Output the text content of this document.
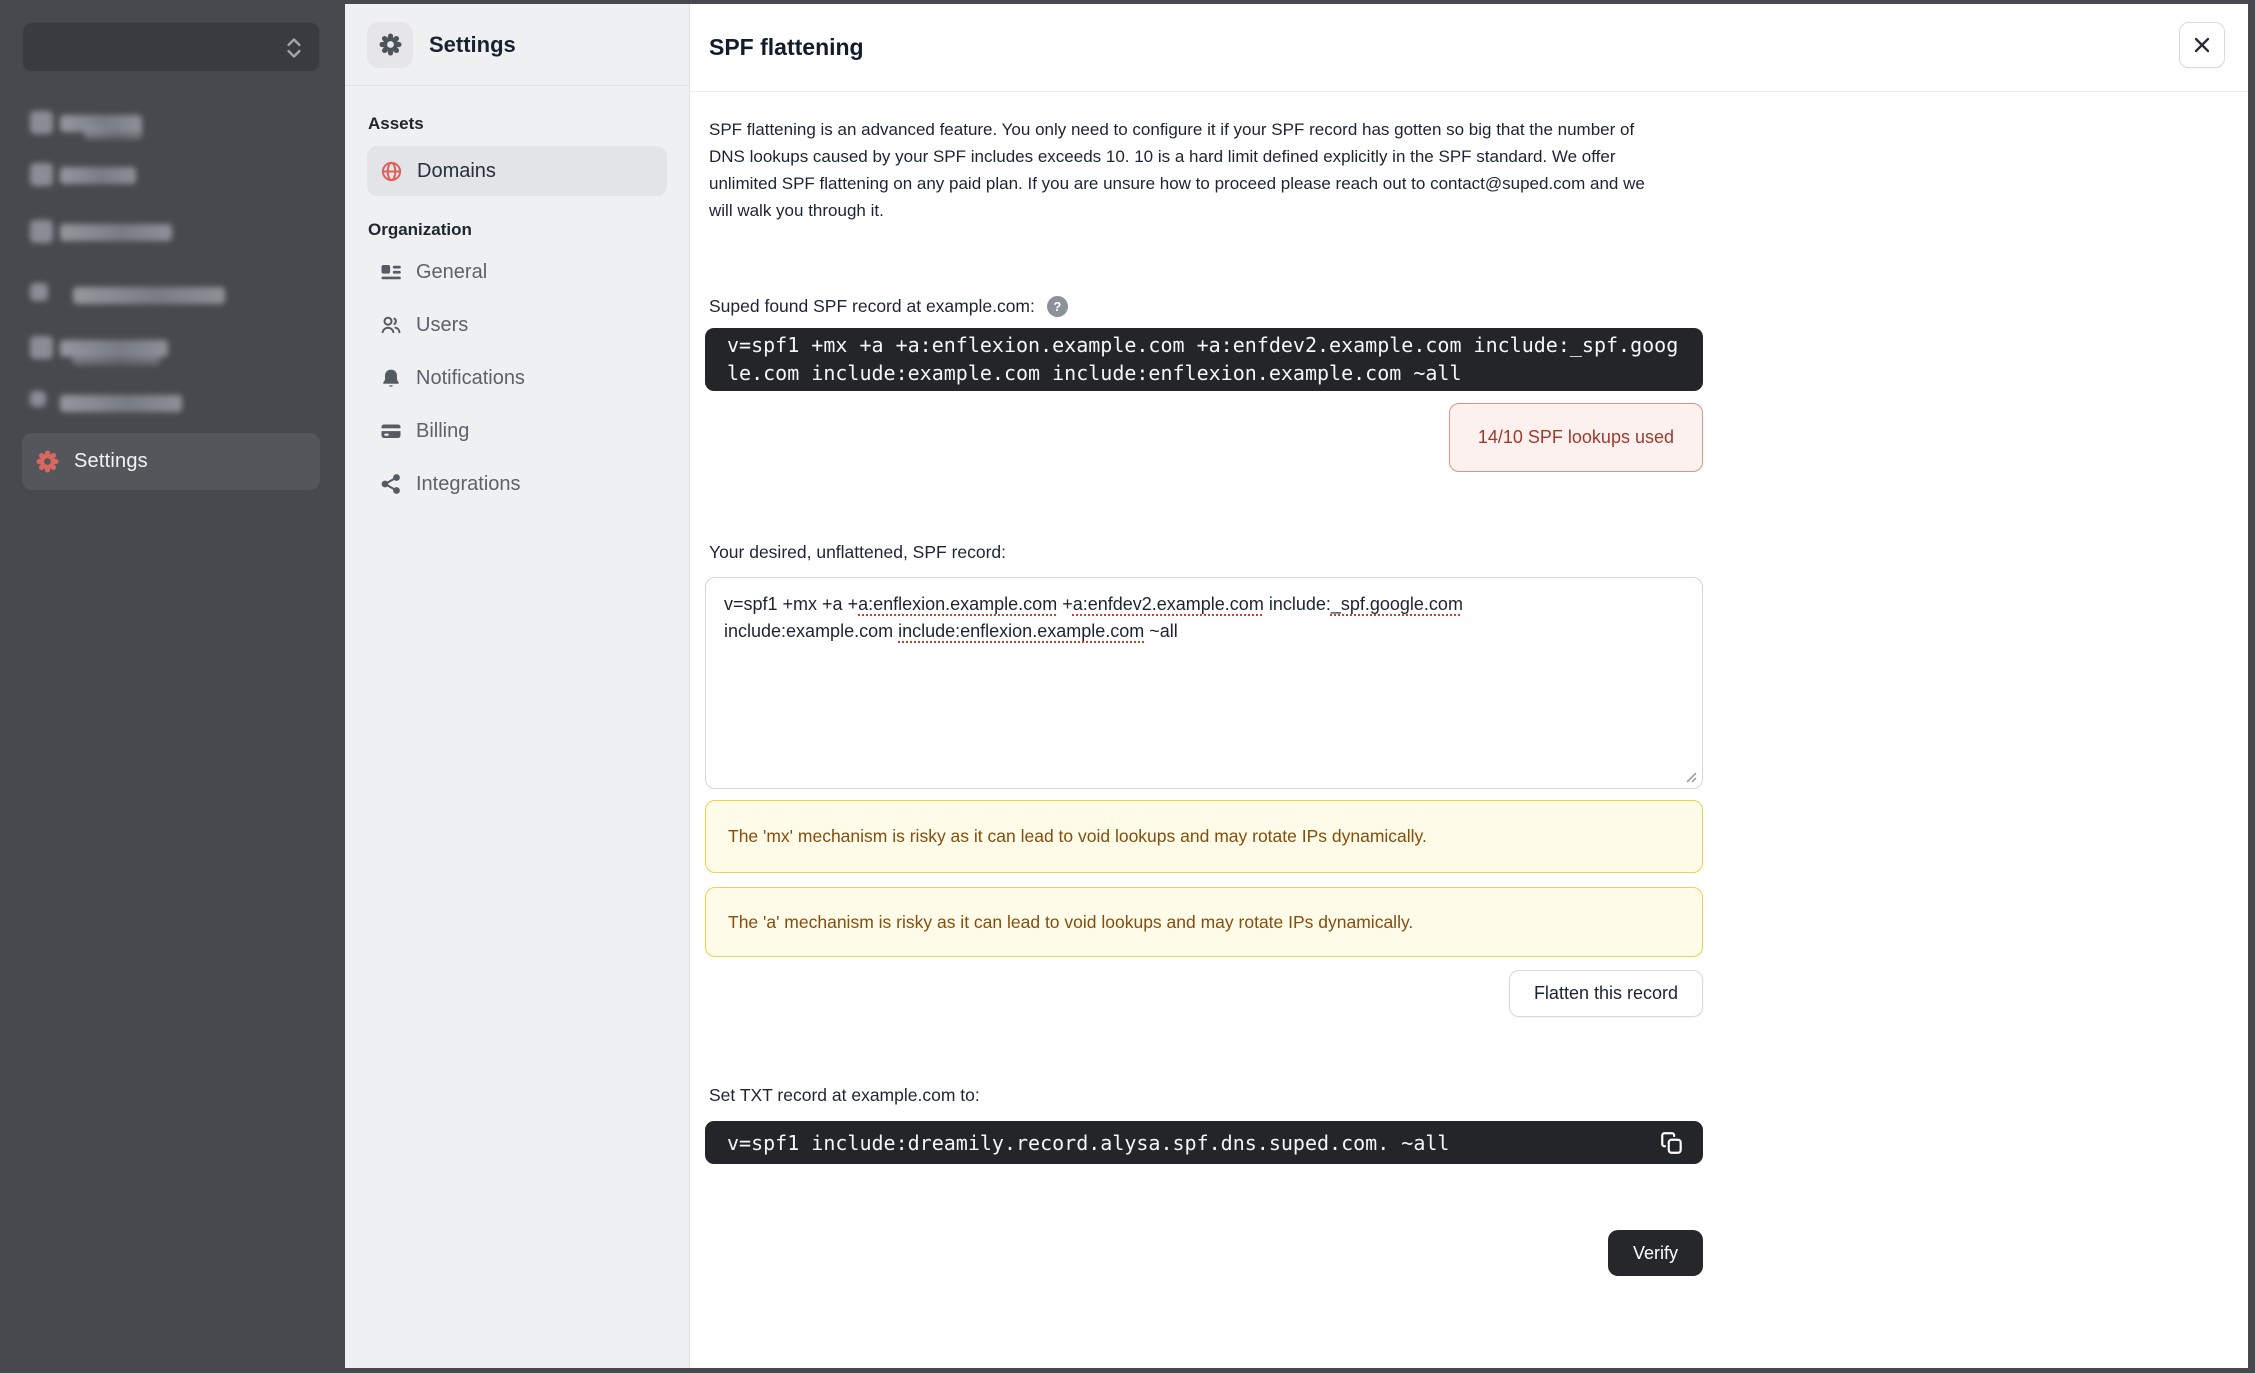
Settings
Settings
Assets
Domains
Organization
General
Users
Notifications
Billing
Integrations
SPF flattening

SPF flattening is an advanced feature. You only need to configure it if your SPF record has gotten so big that the number of DNS lookups caused by your SPF includes exceeds 10. 10 is a hard limit defined explicitly in the SPF standard. We offer unlimited SPF flattening on any paid plan. If you are unsure how to proceed please reach out to contact@suped.com and we will walk you through it.

Suped found SPF record at example.com:	?
v=spf1 +mx +a +a:enflexion.example.com +a:enfdev2.example.com include:_spf.google.com include:example.com include:enflexion.example.com ~all
14/10 SPF lookups used
Your desired, unflattened, SPF record:
v=spf1 +mx +a +a:enflexion.example.com +a:enfdev2.example.com include:_spf.google.com include:example.com include:enflexion.example.com ~all
The 'mx' mechanism is risky as it can lead to void lookups and may rotate IPs dynamically.
The 'a' mechanism is risky as it can lead to void lookups and may rotate IPs dynamically.
Flatten this record
Set TXT record at example.com to:
v=spf1 include:dreamily.record.alysa.spf.dns.suped.com. ~all
Verify
